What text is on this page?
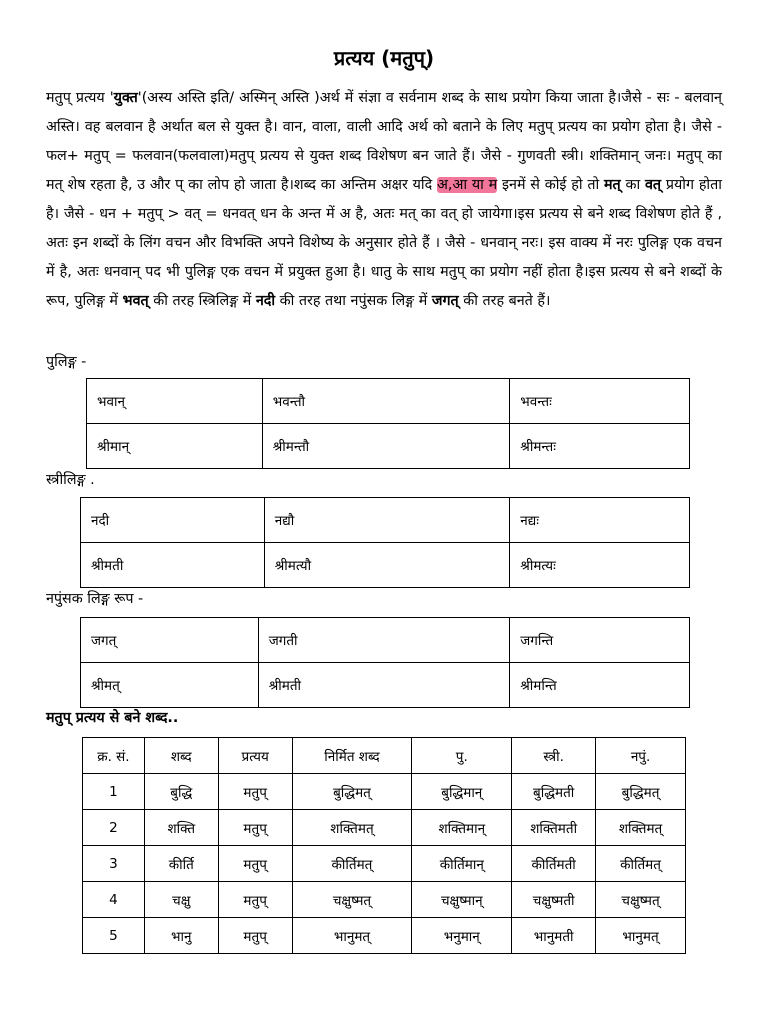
प्रत्यय (मतुप्)
मतुप् प्रत्यय 'युक्त'(अस्य अस्ति इति/ अस्मिन् अस्ति )अर्थ में संज्ञा व सर्वनाम शब्द के साथ प्रयोग किया जाता है।जैसे - सः - बलवान् अस्ति। वह बलवान है अर्थात बल से युक्त है। वान, वाला, वाली आदि अर्थ को बताने के लिए मतुप् प्रत्यय का प्रयोग होता है। जैसे - फल+ मतुप् = फलवान(फलवाला)मतुप् प्रत्यय से युक्त शब्द विशेषण बन जाते हैं। जैसे - गुणवती स्त्री। शक्तिमान् जनः। मतुप् का मत् शेष रहता है, उ और प् का लोप हो जाता है।शब्द का अन्तिम अक्षर यदि अ,आ या म इनमें से कोई हो तो मत् का वत् प्रयोग होता है। जैसे - धन + मतुप् > वत् = धनवत् धन के अन्त में अ है, अतः मत् का वत् हो जायेगा।इस प्रत्यय से बने शब्द विशेषण होते हैं , अतः इन शब्दों के लिंग वचन और विभक्ति अपने विशेष्य के अनुसार होते हैं । जैसे - धनवान् नरः। इस वाक्य में नरः पुलिङ्ग एक वचन में है, अतः धनवान् पद भी पुलिङ्ग एक वचन में प्रयुक्त हुआ है। धातु के साथ मतुप् का प्रयोग नहीं होता है।इस प्रत्यय से बने शब्दों के रूप, पुलिङ्ग में भवत् की तरह स्त्रिलिङ्ग में नदी की तरह तथा नपुंसक लिङ्ग में जगत् की तरह बनते हैं।
पुलिङ्ग -
भवान्	भवन्तौ	भवन्तः
श्रीमान्	श्रीमन्तौ	श्रीमन्तः
स्त्रीलिङ्ग .
नदी	नद्यौ	नद्यः
श्रीमती	श्रीमत्यौ	श्रीमत्यः
नपुंसक लिङ्ग रूप -
जगत्	जगती	जगन्ति
श्रीमत्	श्रीमती	श्रीमन्ति
मतुप् प्रत्यय से बने शब्द..
क्र. सं.	शब्द	प्रत्यय	निर्मित शब्द	पु.	स्त्री.	नपुं.
1	बुद्धि	मतुप्	बुद्धिमत्	बुद्धिमान्	बुद्धिमती	बुद्धिमत्
2	शक्ति	मतुप्	शक्तिमत्	शक्तिमान्	शक्तिमती	शक्तिमत्
3	कीर्ति	मतुप्	कीर्तिमत्	कीर्तिमान्	कीर्तिमती	कीर्तिमत्
4	चक्षु	मतुप्	चक्षुष्मत्	चक्षुष्मान्	चक्षुष्मती	चक्षुष्मत्
5	भानु	मतुप्	भानुमत्	भनुमान्	भानुमती	भानुमत्
